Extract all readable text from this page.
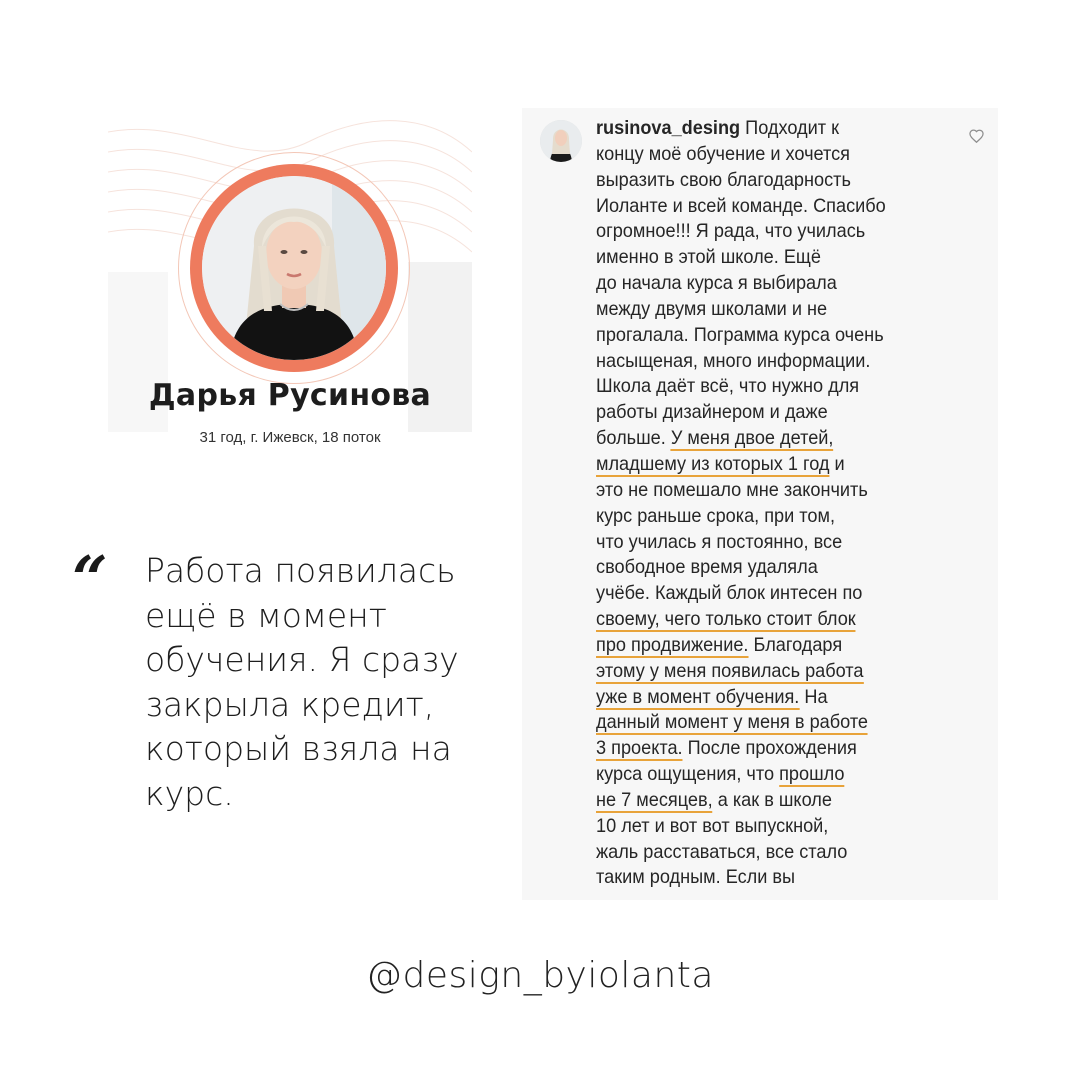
Дарья Русинова
31 год, г. Ижевск, 18 поток
“ Работа появилась
ещё в момент
обучения. Я сразу
закрыла кредит,
который взяла на
курс.
rusinova_desing Подходит к
концу моё обучение и хочется
выразить свою благодарность
Иоланте и всей команде. Спасибо
огромное!!! Я рада, что училась
именно в этой школе. Ещё
до начала курса я выбирала
между двумя школами и не
прогалала. Пограмма курса очень
насыщеная, много информации.
Школа даёт всё, что нужно для
работы дизайнером и даже
больше. У меня двое детей,
младшему из которых 1 год и
это не помешало мне закончить
курс раньше срока, при том,
что училась я постоянно, все
свободное время удаляла
учёбе. Каждый блок интесен по
своему, чего только стоит блок
про продвижение. Благодаря
этому у меня появилась работа
уже в момент обучения. На
данный момент у меня в работе
3 проекта. После прохождения
курса ощущения, что прошло
не 7 месяцев, а как в школе
10 лет и вот вот выпускной,
жаль расставаться, все стало
таким родным. Если вы
@design_byiolanta
